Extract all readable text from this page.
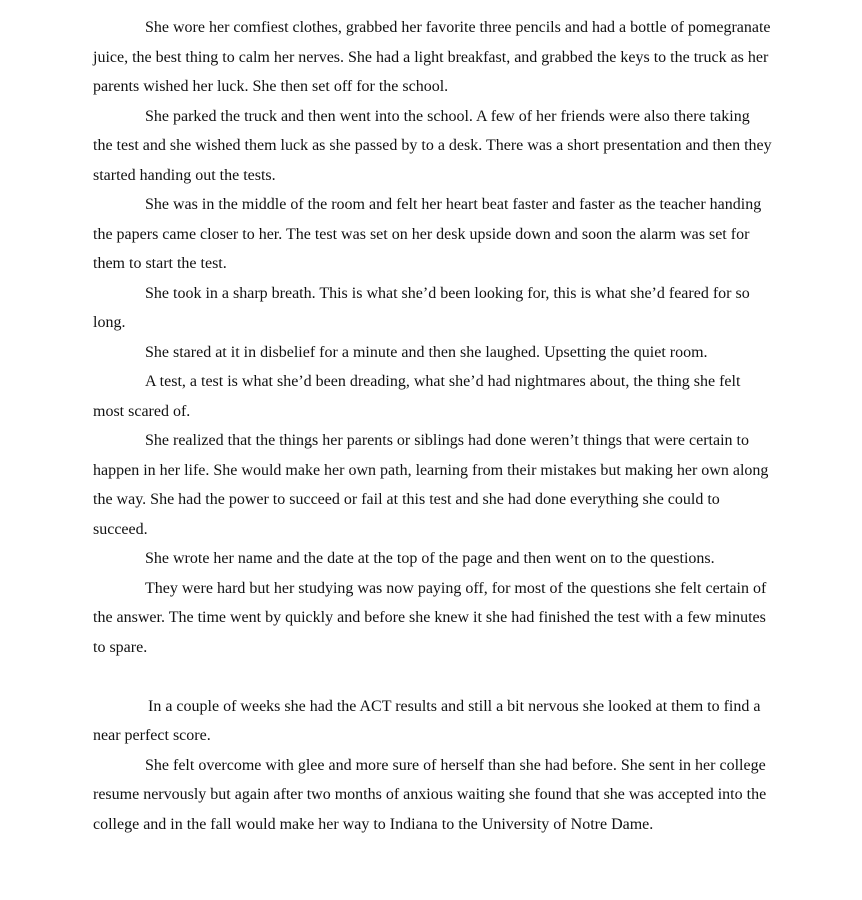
She wore her comfiest clothes, grabbed her favorite three pencils and had a bottle of pomegranate juice, the best thing to calm her nerves. She had a light breakfast, and grabbed the keys to the truck as her parents wished her luck. She then set off for the school.

She parked the truck and then went into the school. A few of her friends were also there taking the test and she wished them luck as she passed by to a desk. There was a short presentation and then they started handing out the tests.

She was in the middle of the room and felt her heart beat faster and faster as the teacher handing the papers came closer to her. The test was set on her desk upside down and soon the alarm was set for them to start the test.

She took in a sharp breath. This is what she’d been looking for, this is what she’d feared for so long.

She stared at it in disbelief for a minute and then she laughed. Upsetting the quiet room.

A test, a test is what she’d been dreading, what she’d had nightmares about, the thing she felt most scared of.

She realized that the things her parents or siblings had done weren’t things that were certain to happen in her life. She would make her own path, learning from their mistakes but making her own along the way. She had the power to succeed or fail at this test and she had done everything she could to succeed.

She wrote her name and the date at the top of the page and then went on to the questions.

They were hard but her studying was now paying off, for most of the questions she felt certain of the answer. The time went by quickly and before she knew it she had finished the test with a few minutes to spare.

In a couple of weeks she had the ACT results and still a bit nervous she looked at them to find a near perfect score.

She felt overcome with glee and more sure of herself than she had before. She sent in her college resume nervously but again after two months of anxious waiting she found that she was accepted into the college and in the fall would make her way to Indiana to the University of Notre Dame.
